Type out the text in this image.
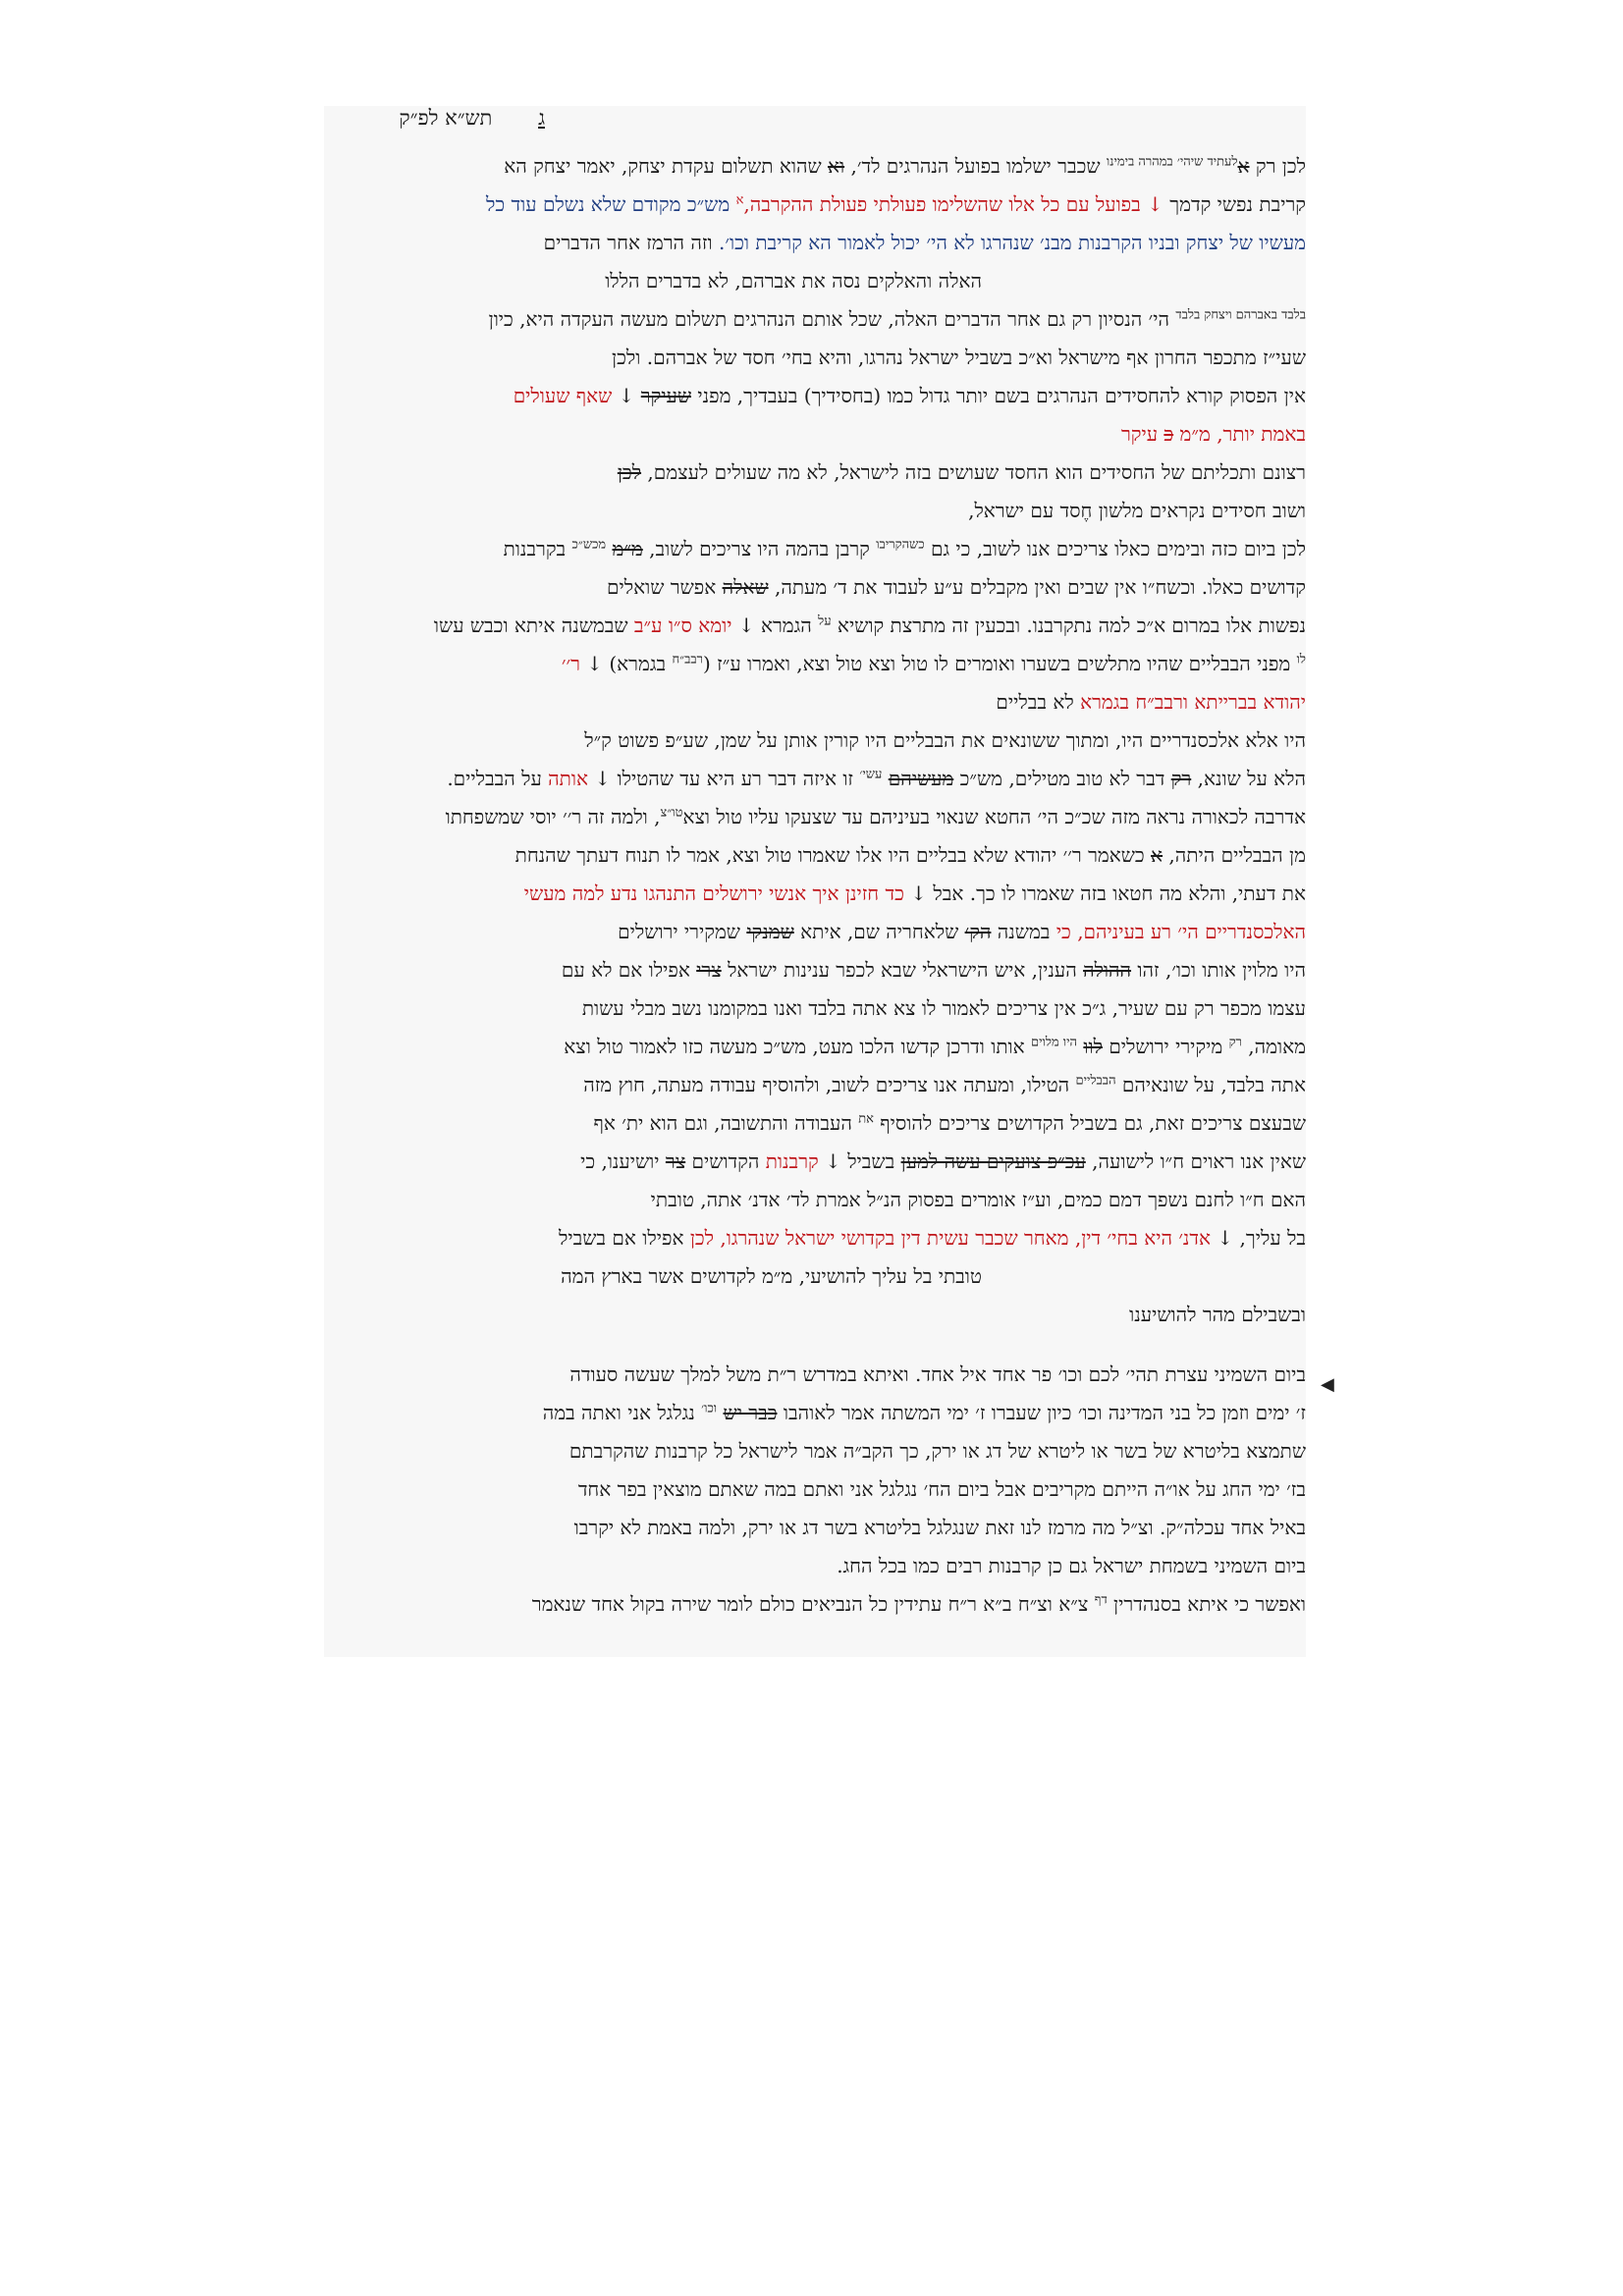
ג תש״א לפ״ק
לכן רק א$^{לעתיד שיהי׳ במהרה בימינו}$ שכבר ישלמו בפועל הנהרגים לד׳, וא שהוא תשלום עקדת יצחק, יאמר יצחק הא
קריבת נפשי קדמך ↓ בפועל עם כל אלו שהשלימו פעולתי פעולת ההקרבה,$^א$ מש״כ מקודם שלא נשלם עוד כל
מעשיו של יצחק ובניו הקרבנות מבנ׳ שנהרגו לא הי׳ יכול לאמור הא קריבת וכו׳. וזה הרמז אחר הדברים
האלה והאלקים נסה את אברהם, לא בדברים הללו
$^{בלבד}$ $^{באברהם ויצחק בלבד}$ הי׳ הנסיון רק גם אחר הדברים האלה, שכל אותם הנהרגים תשלום מעשה העקדה היא, כיון
שעי״ז מתכפר החרון אף מישראל וא״כ בשביל ישראל נהרגו, והיא בחי׳ חסד של אברהם. ולכן
אין הפסוק קורא להחסידים הנהרגים בשם יותר גדול כמו (בחסידיך) בעבדיך, מפני שעיקר ↓ שאף שעולים
באמת יותר, מ״מ כ עיקר
רצונם ותכליתם של החסידים הוא החסד שעושים בזה לישראל, לא מה שעולים לעצמם, לכן
ושוב חסידים נקראים מלשון חֶסד עם ישראל,
לכן ביום כזה ובימים כאלו צריכים אנו לשוב, כי גם $^{כשהקריבו}$ קרבן בהמה היו צריכים לשוב, מ״מ $^{מכש״כ}$ בקרבנות
קדושים כאלו. וכשח״ו אין שבים ואין מקבלים ע״ע לעבוד את ד׳ מעתה, שאלה אפשר שואלים
נפשות אלו במרום א״כ למה נתקרבנו. ובכעין זה מתרצת קושיא $^{על}$ הגמרא ↓ יומא ס״ו ע״ב שבמשנה איתא וכבש עשו
$^{לו}$ מפני הבבליים שהיו מתלשים בשערו ואומרים לו טול וצא טול וצא, ואמרו ע״ז ($^{רבב״ח}$ בגמרא) ↓ ר׳׳
יהודא בברייתא ורבב״ח בגמרא לא בבליים
היו אלא אלכסנדריים היו, ומתוך ששונאים את הבבליים היו קורין אותן על שמן, שע״פ פשוט ק״ל
הלא על שונא, רק דבר לא טוב מטילים, מש״כ מעשיהם $^{עשי׳}$ זו איזה דבר רע היא עד שהטילו ↓ אותה על הבבליים.
אדרבה לכאורה נראה מזה שכ״כ הי׳ החטא שנאוי בעיניהם עד שצעקו עליו טול וצא$^{טו״צ}$, ולמה זה ר׳׳ יוסי שמשפחתו
מן הבבליים היתה, א כשאמר ר׳׳ יהודא שלא בבליים היו אלו שאמרו טול וצא, אמר לו תנוח דעתך שהנחת
את דעתי, והלא מה חטאו בזה שאמרו לו כך. אבל ↓ כד חזינן איך אנשי ירושלים התנהגו נדע למה מעשי
האלכסנדריים הי׳ רע בעיניהם, כי במשנה הק׳ שלאחריה שם, איתא שמנקי שמקירי ירושלים
היו מלוין אותו וכו׳, זהו ההולה הענין, איש הישראלי שבא לכפר ענינות ישראל צרי אפילו אם לא עם
עצמו מכפר רק עם שעיר, ג״כ אין צריכים לאמור לו צא אתה בלבד ואנו במקומנו נשב מבלי עשות
מאומה, $^{רק}$ מיקירי ירושלים לוו $^{היו מלוים}$ אותו ודרכן קדשו הלכו מעט, מש״כ מעשה כזו לאמור טול וצא
אתה בלבד, על שונאיהם $^{הבבליים}$ הטילו, ומעתה אנו צריכים לשוב, ולהוסיף עבודה מעתה, חוץ מזה
שבעצם צריכים זאת, גם בשביל הקדושים צריכים להוסיף $^{את}$ העבודה והתשובה, וגם הוא ית׳ אף
שאין אנו ראוים ח״ו לישועה, עכ״פ צועקים עשה למען בשביל ↓ קרבנות הקדושים צר יושיענו, כי
האם ח״ו לחנם נשפך דמם כמים, וע״ז אומרים בפסוק הנ״ל אמרת לד׳ אדנ׳ אתה, טובתי
בל עליך, ↓ אדנ׳ היא בחי׳ דין, מאחר שכבר עשית דין בקדושי ישראל שנהרגו, לכן אפילו אם בשביל
טובתי בל עליך להושיעי, מ״מ לקדושים אשר בארץ המה
ובשבילם מהר להושיענו
ביום השמיני עצרת תהי׳ לכם וכו׳ פר אחד איל אחד. ואיתא במדרש ר״ת משל למלך שעשה סעודה
ז׳ ימים וזמן כל בני המדינה וכו׳ כיון שעברו ז׳ ימי המשתה אמר לאוהבו כבר יש $^{וכו׳}$ נגלגל אני ואתה במה
שתמצא בליטרא של בשר או ליטרא של דג או ירק, כך הקב״ה אמר לישראל כל קרבנות שהקרבתם
בז׳ ימי החג על או״ה הייתם מקריבים אבל ביום הח׳ נגלגל אני ואתם במה שאתם מוצאין בפר אחד
באיל אחד עכלה״ק. וצ״ל מה מרמז לנו זאת שנגלגל בליטרא בשר דג או ירק, ולמה באמת לא יקרבו
ביום השמיני בשמחת ישראל גם כן קרבנות רבים כמו בכל החג.
ואפשר כי איתא בסנהדרין $^{דף}$ צ״א וצ״ח ב״א ר״ח עתידין כל הנביאים כולם לומר שירה בקול אחד שנאמר
◀
